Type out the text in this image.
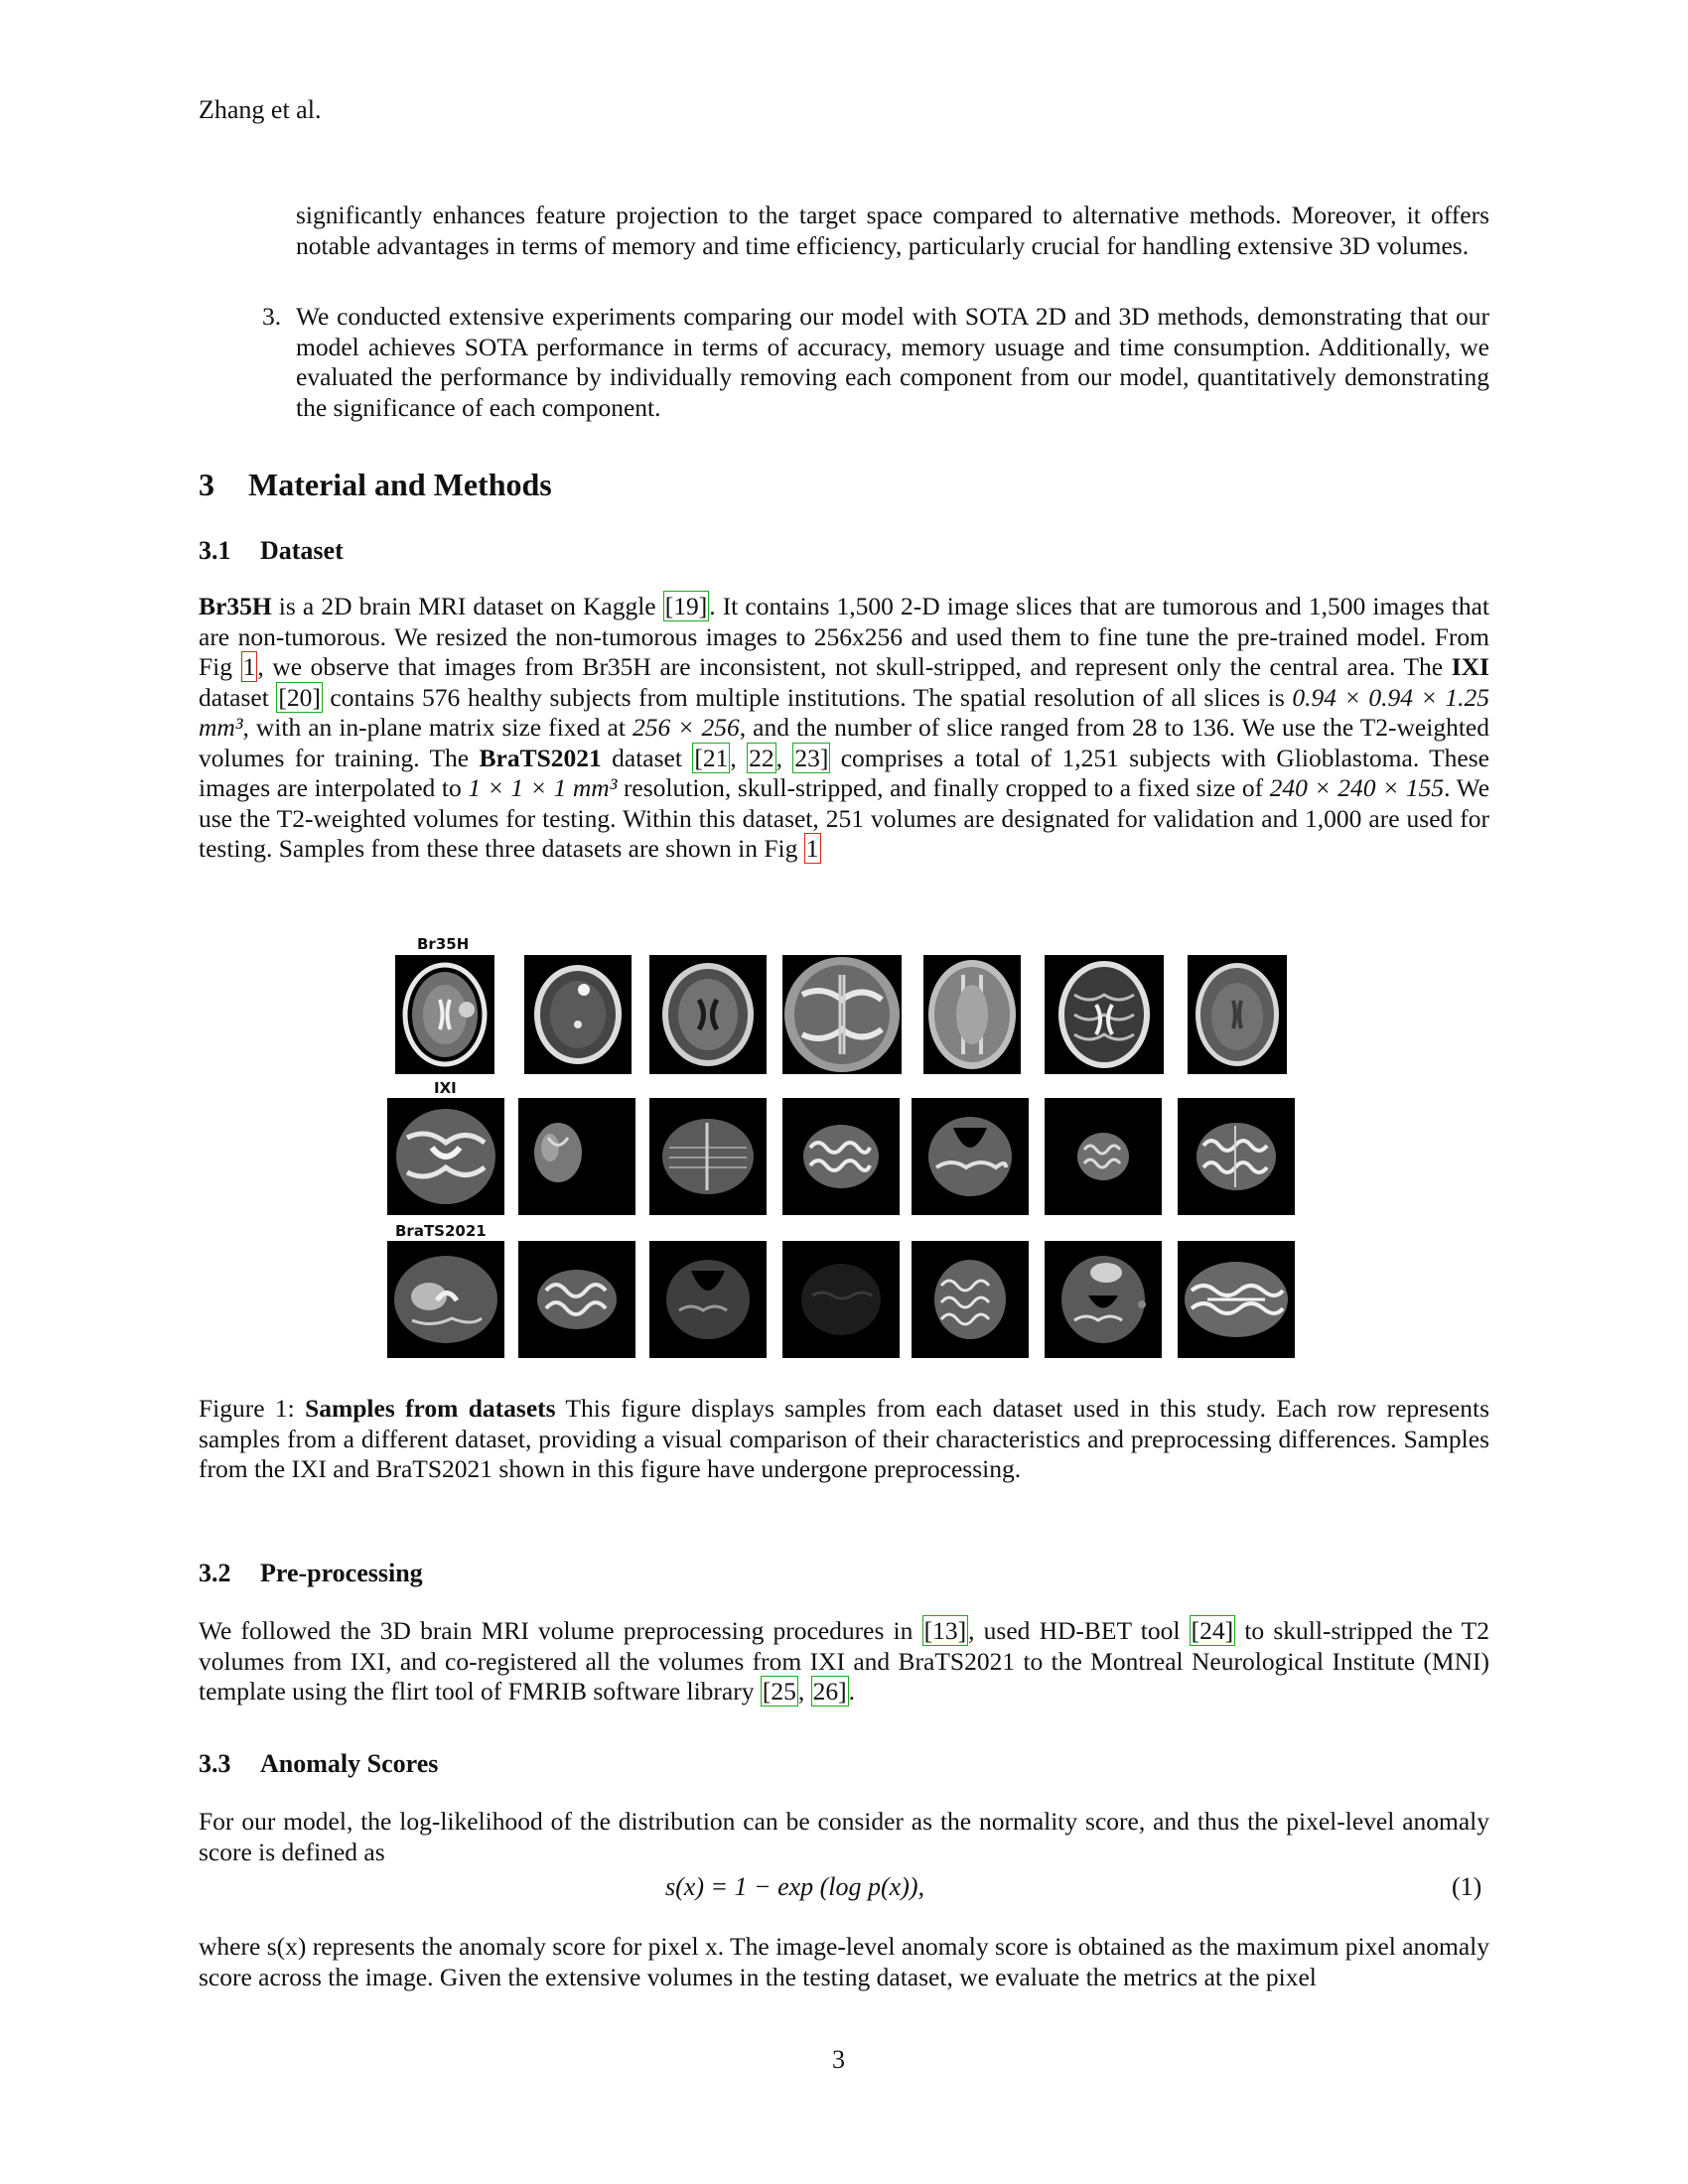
Zhang et al.
significantly enhances feature projection to the target space compared to alternative methods. Moreover, it offers notable advantages in terms of memory and time efficiency, particularly crucial for handling extensive 3D volumes.
3. We conducted extensive experiments comparing our model with SOTA 2D and 3D methods, demonstrating that our model achieves SOTA performance in terms of accuracy, memory usuage and time consumption. Additionally, we evaluated the performance by individually removing each component from our model, quantitatively demonstrating the significance of each component.
3 Material and Methods
3.1 Dataset
Br35H is a 2D brain MRI dataset on Kaggle [19]. It contains 1,500 2-D image slices that are tumorous and 1,500 images that are non-tumorous. We resized the non-tumorous images to 256x256 and used them to fine tune the pre-trained model. From Fig 1, we observe that images from Br35H are inconsistent, not skull-stripped, and represent only the central area. The IXI dataset [20] contains 576 healthy subjects from multiple institutions. The spatial resolution of all slices is 0.94 × 0.94 × 1.25 mm³, with an in-plane matrix size fixed at 256 × 256, and the number of slice ranged from 28 to 136. We use the T2-weighted volumes for training. The BraTS2021 dataset [21, 22, 23] comprises a total of 1,251 subjects with Glioblastoma. These images are interpolated to 1 × 1 × 1 mm³ resolution, skull-stripped, and finally cropped to a fixed size of 240 × 240 × 155. We use the T2-weighted volumes for testing. Within this dataset, 251 volumes are designated for validation and 1,000 are used for testing. Samples from these three datasets are shown in Fig 1
Br35H
IXI
BraTS2021
Figure 1: Samples from datasets This figure displays samples from each dataset used in this study. Each row represents samples from a different dataset, providing a visual comparison of their characteristics and preprocessing differences. Samples from the IXI and BraTS2021 shown in this figure have undergone preprocessing.
3.2 Pre-processing
We followed the 3D brain MRI volume preprocessing procedures in [13], used HD-BET tool [24] to skull-stripped the T2 volumes from IXI, and co-registered all the volumes from IXI and BraTS2021 to the Montreal Neurological Institute (MNI) template using the flirt tool of FMRIB software library [25, 26].
3.3 Anomaly Scores
For our model, the log-likelihood of the distribution can be consider as the normality score, and thus the pixel-level anomaly score is defined as
s(x) = 1 − exp (log p(x)),	(1)
where s(x) represents the anomaly score for pixel x. The image-level anomaly score is obtained as the maximum pixel anomaly score across the image. Given the extensive volumes in the testing dataset, we evaluate the metrics at the pixel
3
